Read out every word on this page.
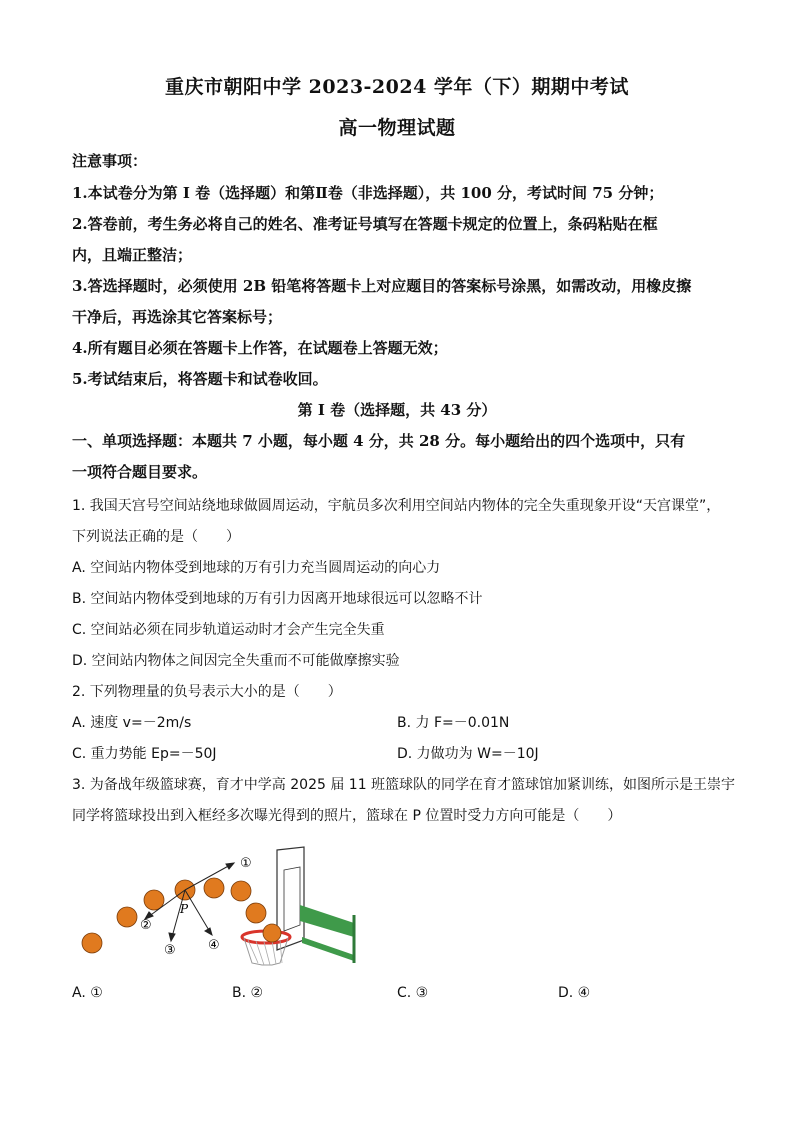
重庆市朝阳中学 2023-2024 学年（下）期期中考试
高一物理试题
注意事项：
1.本试卷分为第 I 卷（选择题）和第Ⅱ卷（非选择题），共 100 分，考试时间 75 分钟；
2.答卷前，考生务必将自己的姓名、准考证号填写在答题卡规定的位置上，条码粘贴在框
内，且端正整洁；
3.答选择题时，必须使用 2B 铅笔将答题卡上对应题目的答案标号涂黑，如需改动，用橡皮擦
干净后，再选涂其它答案标号；
4.所有题目必须在答题卡上作答，在试题卷上答题无效；
5.考试结束后，将答题卡和试卷收回。
第 I 卷（选择题，共 43 分）
一、单项选择题：本题共 7 小题，每小题 4 分，共 28 分。每小题给出的四个选项中，只有
一项符合题目要求。
1. 我国天宫号空间站绕地球做圆周运动，宇航员多次利用空间站内物体的完全失重现象开设“天宫课堂”，
下列说法正确的是（　　）
A. 空间站内物体受到地球的万有引力充当圆周运动的向心力
B. 空间站内物体受到地球的万有引力因离开地球很远可以忽略不计
C. 空间站必须在同步轨道运动时才会产生完全失重
D. 空间站内物体之间因完全失重而不可能做摩擦实验
2. 下列物理量的负号表示大小的是（　　）
A. 速度 v=－2m/s	B. 力 F=－0.01N
C. 重力势能 Ep=－50J	D. 力做功为 W=－10J
3. 为备战年级篮球赛，育才中学高 2025 届 11 班篮球队的同学在育才篮球馆加紧训练，如图所示是王崇宇
同学将篮球投出到入框经多次曝光得到的照片，篮球在 P 位置时受力方向可能是（　　）
①
②
③ ④
P
A. ①	B. ②	C. ③	D. ④
